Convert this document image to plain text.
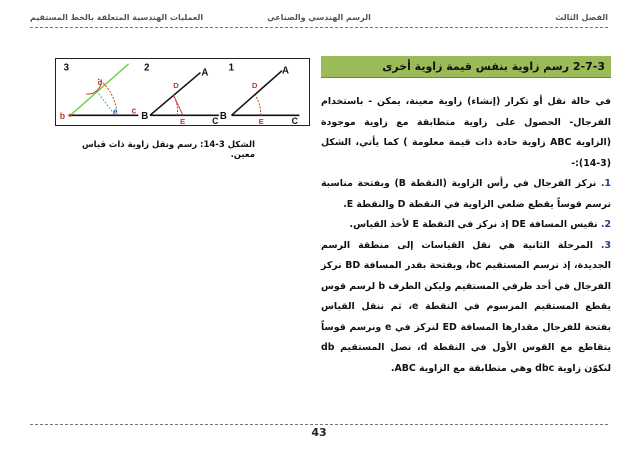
الفصل الثالث
الرسم الهندسي والصناعي
العمليات الهندسية المتعلقة بالخط المستقيم
2-7-3 رسم زاوية بنفس قيمة زاوية أخرى

في حالة نقل أو تكرار (إنشاء) زاوية معينة، يمكن - باستخدام الفرجال- الحصول على زاوية متطابقة مع زاوية موجودة (الزاوية ABC زاوية حادة ذات قيمة معلومة ) كما يأتي، الشكل (3-14):-

1. نركز الفرجال في رأس الزاوية (النقطة B) وبفتحة مناسبة نرسم قوساً يقطع ضلعي الزاوية في النقطة D والنقطة E.
2. نقيس المسافة DE إذ نركز في النقطة E لأخذ القياس.
3. المرحلة الثانية هي نقل القياسات إلى منطقة الرسم الجديدة، إذ نرسم المستقيم bc، وبفتحة بقدر المسافة BD نركز الفرجال في أحد طرفي المستقيم وليكن الطرف b لرسم قوس يقطع المستقيم المرسوم في النقطة e، ثم ننقل القياس بفتحة للفرجال مقدارها المسافة ED لنركز في e ونرسم قوساً يتقاطع مع القوس الأول في النقطة d، نصل المستقيم db لنكوّن زاوية dbc وهي متطابقة مع الزاوية ABC.
3
d
b
e c
2	A
D
B	E	C
1	A
D
B	E	C
الشكل 3-14: رسم ونقل زاوية ذات قياس معين.
43
